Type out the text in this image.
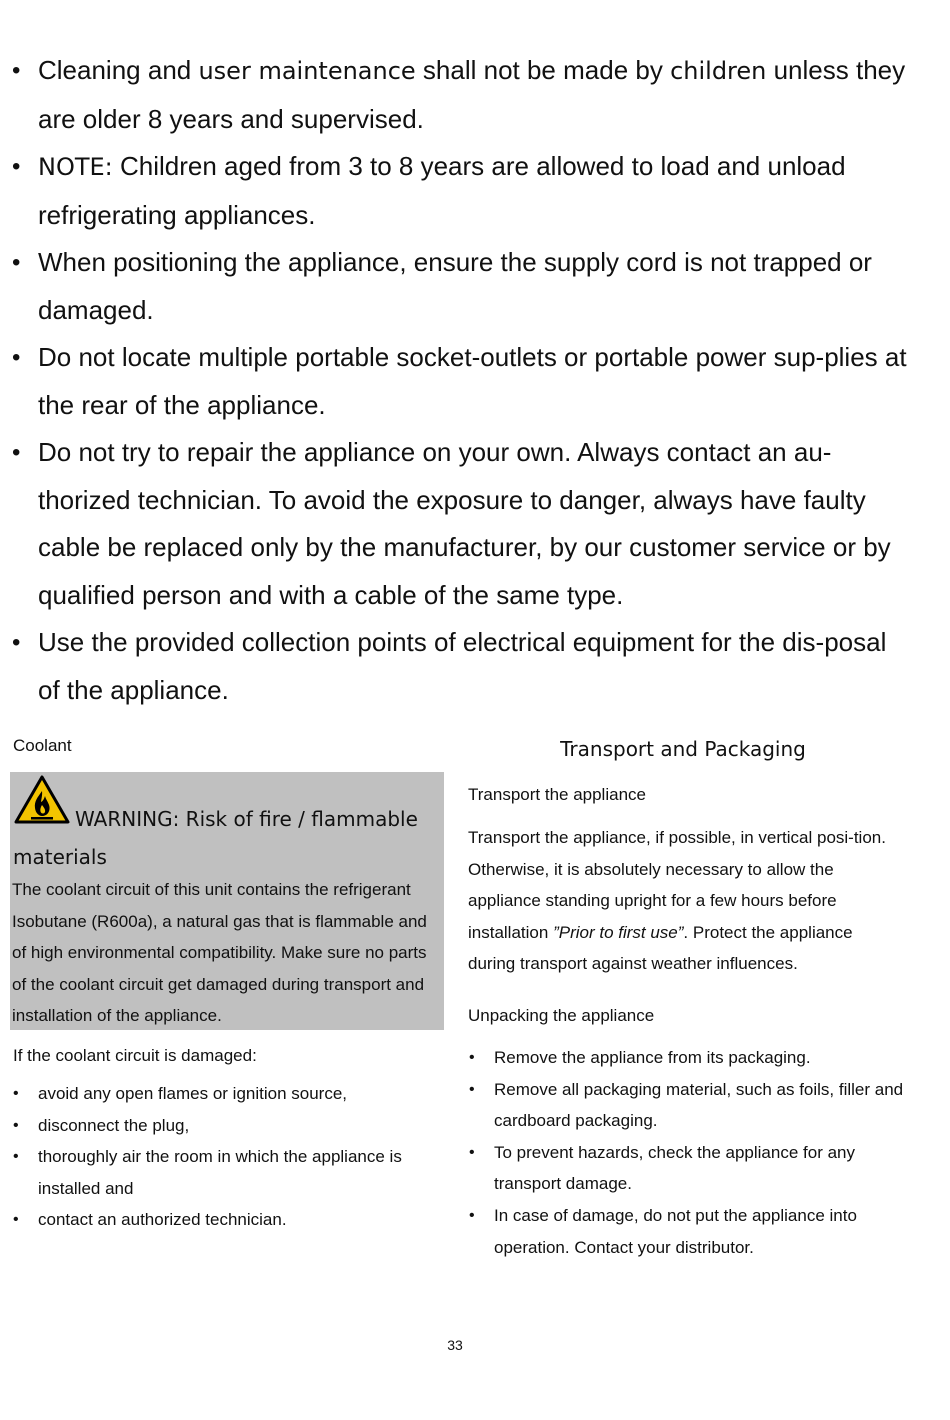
• Cleaning and user maintenance shall not be made by children unless they are older 8 years and supervised.
• NOTE: Children aged from 3 to 8 years are allowed to load and unload refrigerating appliances.
• When positioning the appliance, ensure the supply cord is not trapped or damaged.
• Do not locate multiple portable socket-outlets or portable power sup-plies at the rear of the appliance.
• Do not try to repair the appliance on your own. Always contact an au-thorized technician. To avoid the exposure to danger, always have faulty cable be replaced only by the manufacturer, by our customer service or by qualified person and with a cable of the same type.
• Use the provided collection points of electrical equipment for the dis-posal of the appliance.
Coolant

WARNING: Risk of fire / flammable materials

The coolant circuit of this unit contains the refrigerant Isobutane (R600a), a natural gas that is flammable and of high environmental compatibility. Make sure no parts of the coolant circuit get damaged during transport and installation of the appliance.

If the coolant circuit is damaged:
• avoid any open flames or ignition source,
• disconnect the plug,
• thoroughly air the room in which the appliance is installed and
• contact an authorized technician.
Transport and Packaging
Transport the appliance

Transport the appliance, if possible, in vertical posi-tion. Otherwise, it is absolutely necessary to allow the appliance standing upright for a few hours before installation ”Prior to first use”. Protect the appliance during transport against weather influences.

Unpacking the appliance
• Remove the appliance from its packaging.
• Remove all packaging material, such as foils, filler and cardboard packaging.
• To prevent hazards, check the appliance for any transport damage.
• In case of damage, do not put the appliance into operation. Contact your distributor.
33
